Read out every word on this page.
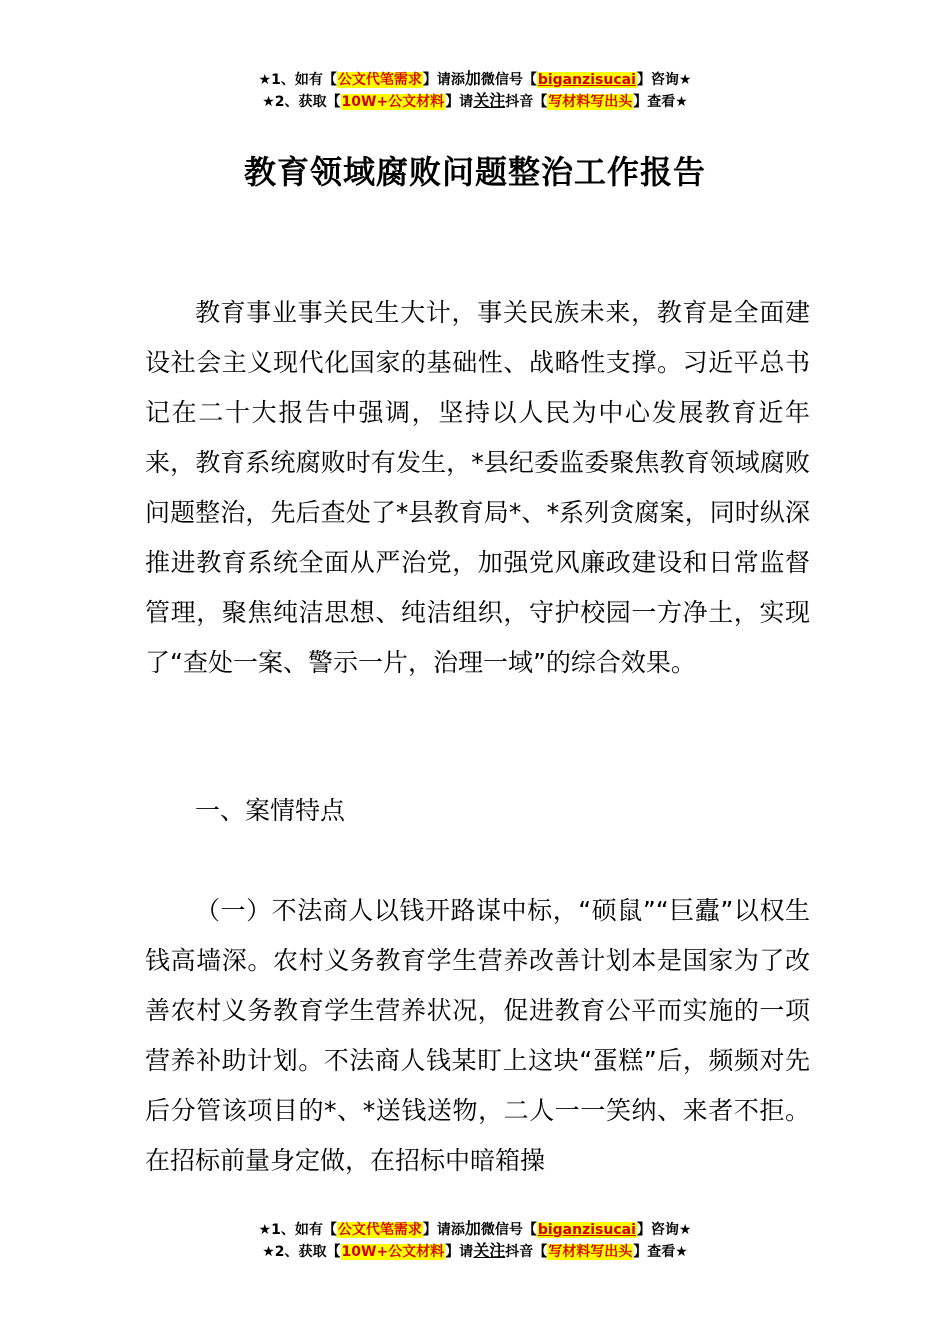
★1、如有【公文代笔需求】请添加微信号【biganzisucai】咨询★
★2、获取【10W+公文材料】请关注抖音【写材料写出头】查看★
教育领域腐败问题整治工作报告

教育事业事关民生大计，事关民族未来，教育是全面建设社会主义现代化国家的基础性、战略性支撑。习近平总书记在二十大报告中强调，坚持以人民为中心发展教育近年来，教育系统腐败时有发生，*县纪委监委聚焦教育领域腐败问题整治，先后查处了*县教育局*、*系列贪腐案，同时纵深推进教育系统全面从严治党，加强党风廉政建设和日常监督管理，聚焦纯洁思想、纯洁组织，守护校园一方净土，实现了“查处一案、警示一片，治理一域”的综合效果。

一、案情特点

（一）不法商人以钱开路谋中标，“硕鼠”“巨蠹”以权生钱高墙深。农村义务教育学生营养改善计划本是国家为了改善农村义务教育学生营养状况，促进教育公平而实施的一项营养补助计划。不法商人钱某盯上这块“蛋糕”后，频频对先后分管该项目的*、*送钱送物，二人一一笑纳、来者不拒。在招标前量身定做，在招标中暗箱操

★1、如有【公文代笔需求】请添加微信号【biganzisucai】咨询★
★2、获取【10W+公文材料】请关注抖音【写材料写出头】查看★
